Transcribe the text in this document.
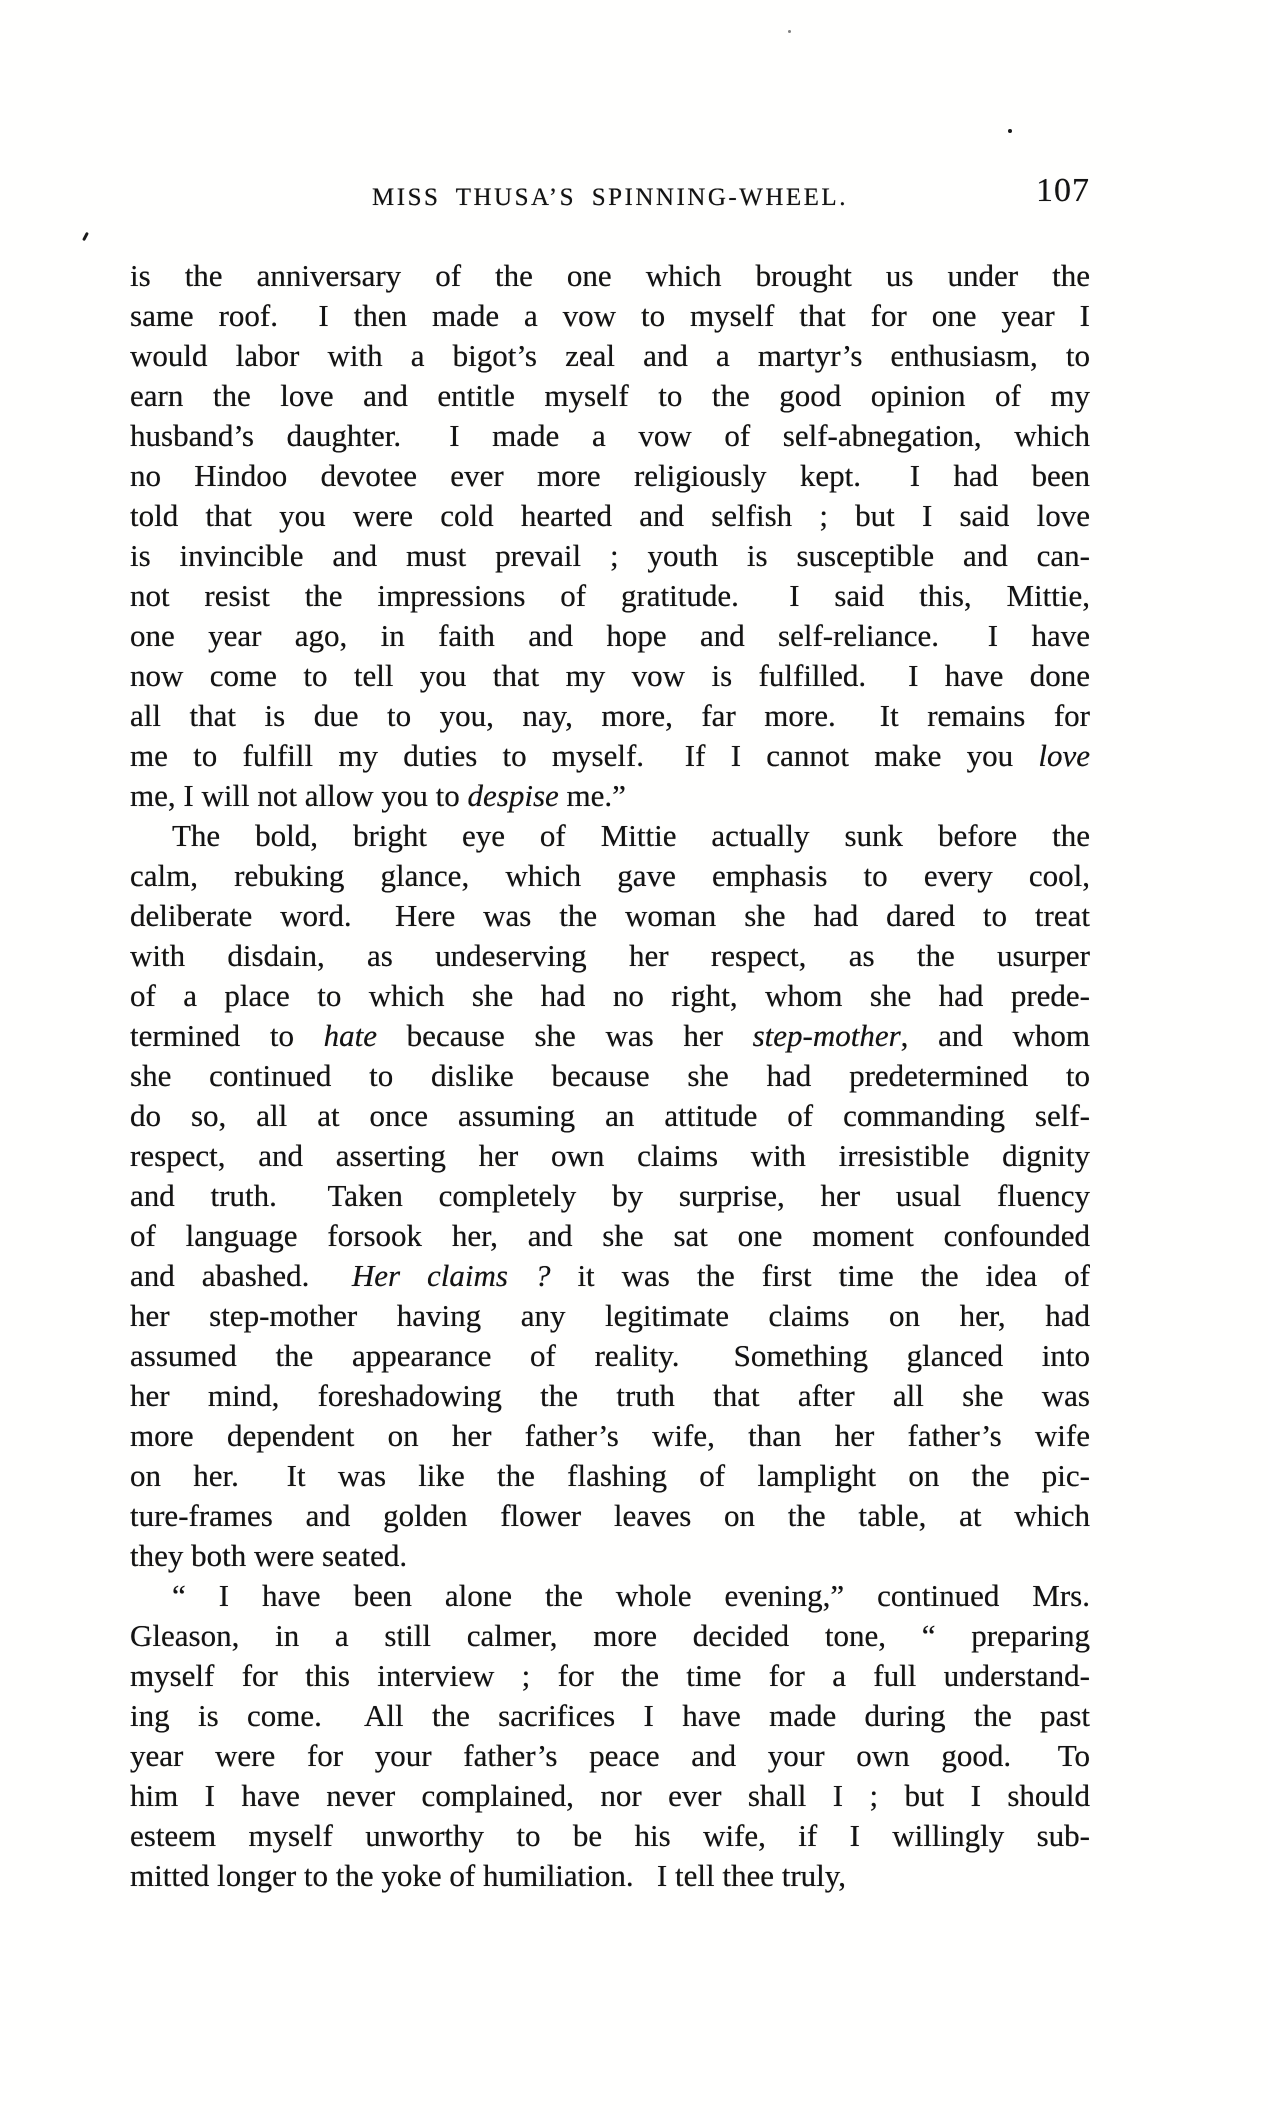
MISS THUSA’S SPINNING-WHEEL.	107
is the anniversary of the one which brought us under the
same roof.  I then made a vow to myself that for one year I
would labor with a bigot’s zeal and a martyr’s enthusiasm, to
earn the love and entitle myself to the good opinion of my
husband’s daughter.  I made a vow of self-abnegation, which
no Hindoo devotee ever more religiously kept.  I had been
told that you were cold hearted and selfish ; but I said love
is invincible and must prevail ; youth is susceptible and can-
not resist the impressions of gratitude.  I said this, Mittie,
one year ago, in faith and hope and self-reliance.  I have
now come to tell you that my vow is fulfilled.  I have done
all that is due to you, nay, more, far more.  It remains for
me to fulfill my duties to myself.  If I cannot make you love
me, I will not allow you to despise me.”
The bold, bright eye of Mittie actually sunk before the
calm, rebuking glance, which gave emphasis to every cool,
deliberate word.  Here was the woman she had dared to treat
with disdain, as undeserving her respect, as the usurper
of a place to which she had no right, whom she had prede-
termined to hate because she was her step-mother, and whom
she continued to dislike because she had predetermined to
do so, all at once assuming an attitude of commanding self-
respect, and asserting her own claims with irresistible dignity
and truth.  Taken completely by surprise, her usual fluency
of language forsook her, and she sat one moment confounded
and abashed.  Her claims ? it was the first time the idea of
her step-mother having any legitimate claims on her, had
assumed the appearance of reality.  Something glanced into
her mind, foreshadowing the truth that after all she was
more dependent on her father’s wife, than her father’s wife
on her.  It was like the flashing of lamplight on the pic-
ture-frames and golden flower leaves on the table, at which
they both were seated.
“ I have been alone the whole evening,” continued Mrs.
Gleason, in a still calmer, more decided tone, “ preparing
myself for this interview ; for the time for a full understand-
ing is come.  All the sacrifices I have made during the past
year were for your father’s peace and your own good.  To
him I have never complained, nor ever shall I ; but I should
esteem myself unworthy to be his wife, if I willingly sub-
mitted longer to the yoke of humiliation.  I tell thee truly,
